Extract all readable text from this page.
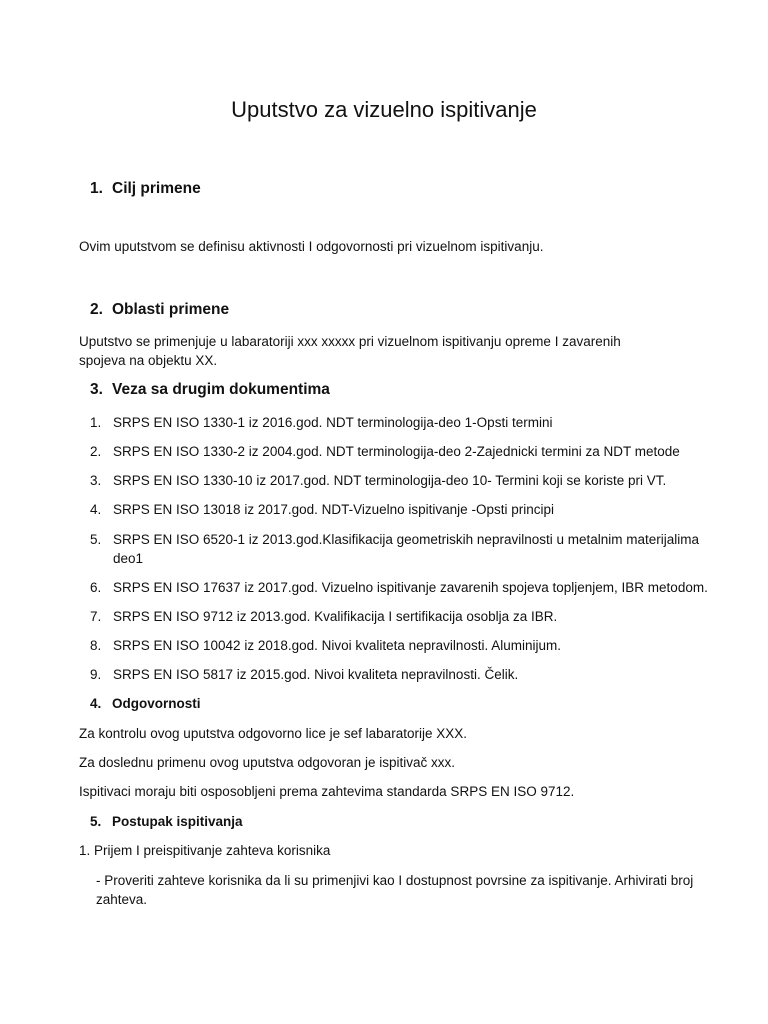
Uputstvo za vizuelno ispitivanje
1. Cilj primene

Ovim uputstvom se definisu aktivnosti I odgovornosti pri vizuelnom ispitivanju.

2. Oblasti primene

Uputstvo se primenjuje u labaratoriji xxx xxxxx pri vizuelnom ispitivanju opreme I zavarenih spojeva na objektu XX.

3. Veza sa drugim dokumentima
1. SRPS EN ISO 1330-1 iz 2016.god. NDT terminologija-deo 1-Opsti termini
2. SRPS EN ISO 1330-2 iz 2004.god. NDT terminologija-deo 2-Zajednicki termini za NDT metode
3. SRPS EN ISO 1330-10 iz 2017.god. NDT terminologija-deo 10- Termini koji se koriste pri VT.
4. SRPS EN ISO 13018 iz 2017.god. NDT-Vizuelno ispitivanje -Opsti principi
5. SRPS EN ISO 6520-1 iz 2013.god.Klasifikacija geometriskih nepravilnosti u metalnim materijalima deo1
6. SRPS EN ISO 17637 iz 2017.god. Vizuelno ispitivanje zavarenih spojeva topljenjem, IBR metodom.
7. SRPS EN ISO 9712 iz 2013.god. Kvalifikacija I sertifikacija osoblja za IBR.
8. SRPS EN ISO 10042 iz 2018.god. Nivoi kvaliteta nepravilnosti. Aluminijum.
9. SRPS EN ISO 5817 iz 2015.god. Nivoi kvaliteta nepravilnosti. Čelik.
4. Odgovornosti

Za kontrolu ovog uputstva odgovorno lice je sef labaratorije XXX.

Za doslednu primenu ovog uputstva odgovoran je ispitivač xxx.

Ispitivaci moraju biti osposobljeni prema zahtevima standarda SRPS EN ISO 9712.

5. Postupak ispitivanja

1. Prijem I preispitivanje zahteva korisnika

- Proveriti zahteve korisnika da li su primenjivi kao I dostupnost povrsine za ispitivanje. Arhivirati broj zahteva.
